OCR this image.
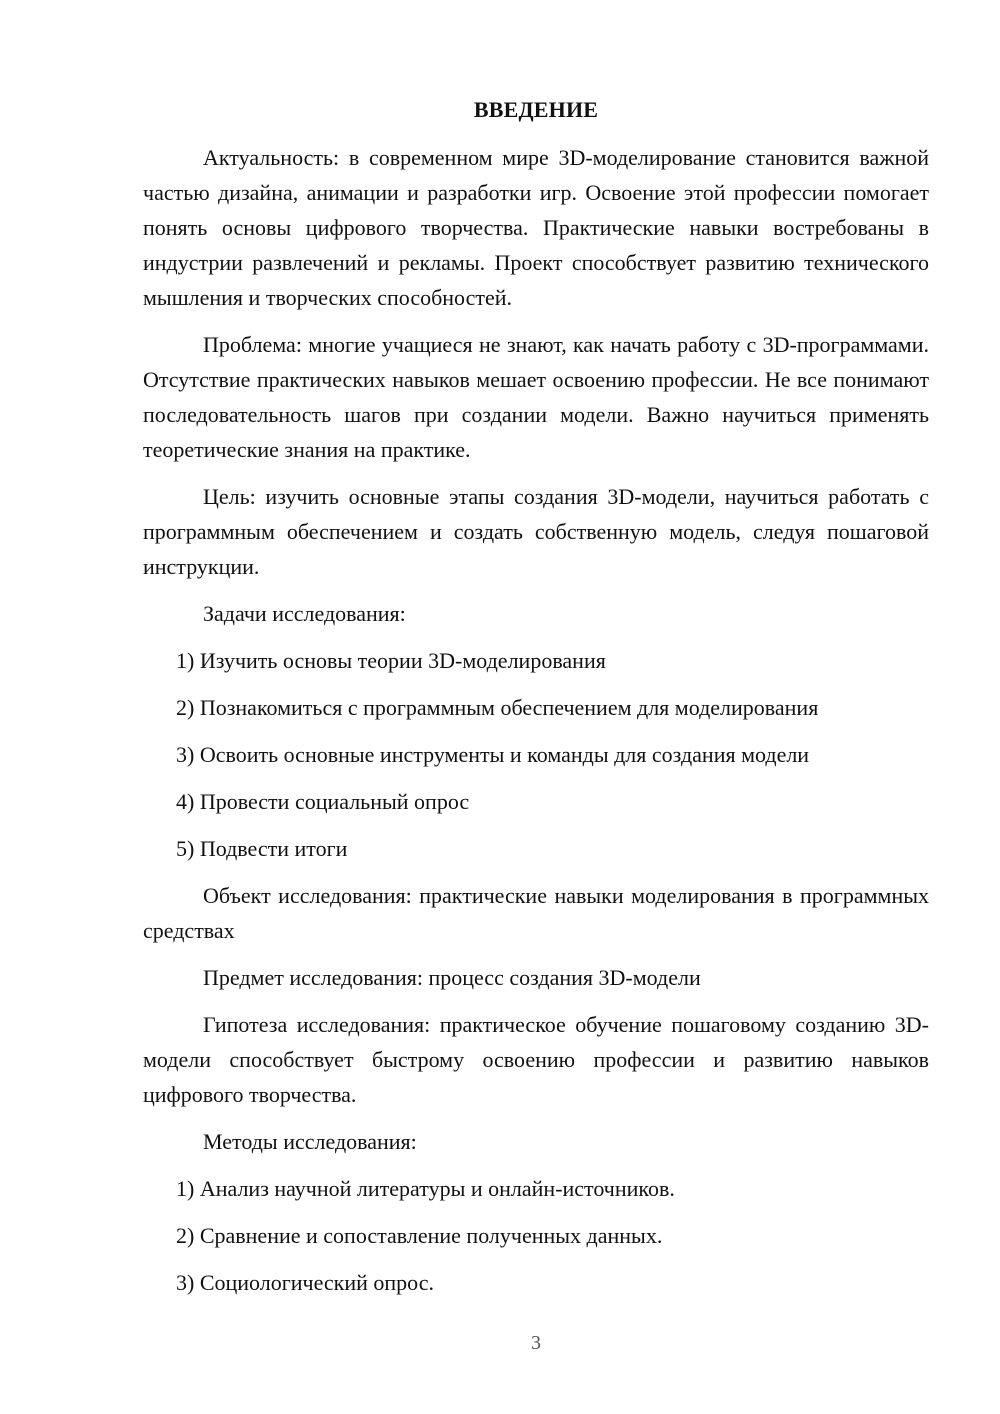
ВВЕДЕНИЕ

Актуальность: в современном мире 3D-моделирование становится важной частью дизайна, анимации и разработки игр. Освоение этой профессии помогает понять основы цифрового творчества. Практические навыки востребованы в индустрии развлечений и рекламы. Проект способствует развитию технического мышления и творческих способностей.

Проблема: многие учащиеся не знают, как начать работу с 3D-программами. Отсутствие практических навыков мешает освоению профессии. Не все понимают последовательность шагов при создании модели. Важно научиться применять теоретические знания на практике.

Цель: изучить основные этапы создания 3D-модели, научиться работать с программным обеспечением и создать собственную модель, следуя пошаговой инструкции.

Задачи исследования:

1) Изучить основы теории 3D-моделирования

2) Познакомиться с программным обеспечением для моделирования

3) Освоить основные инструменты и команды для создания модели

4) Провести социальный опрос

5) Подвести итоги

Объект исследования: практические навыки моделирования в программных средствах

Предмет исследования: процесс создания 3D-модели

Гипотеза исследования: практическое обучение пошаговому созданию 3D-модели способствует быстрому освоению профессии и развитию навыков цифрового творчества.

Методы исследования:

1) Анализ научной литературы и онлайн-источников.

2) Сравнение и сопоставление полученных данных.

3) Социологический опрос.

3
